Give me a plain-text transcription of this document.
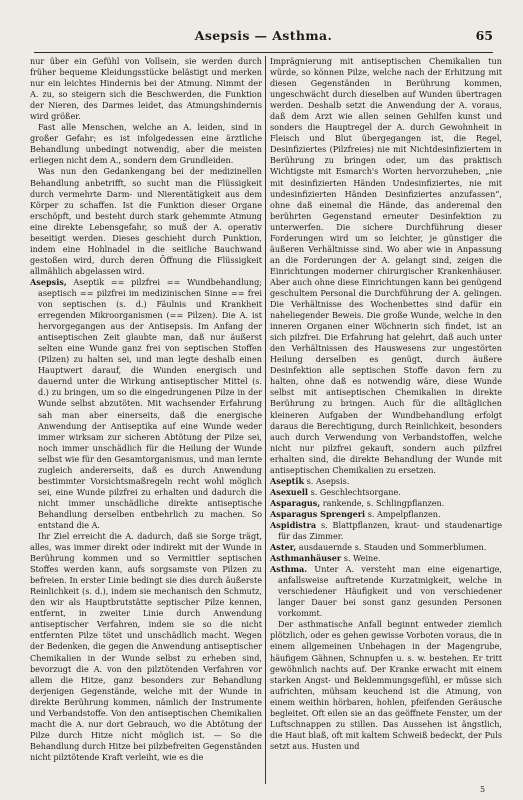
Asepsis — Asthma.	65

nur über ein Gefühl von Vollsein, sie werden durch früher bequeme Kleidungsstücke belästigt und merken nur ein leichtes Hindernis bei der Atmung. Nimmt der A. zu, so steigern sich die Beschwerden, die Funktion der Nieren, des Darmes leidet, das Atmungshindernis wird größer.

Fast alle Menschen, welche an A. leiden, sind in großer Gefahr; es ist infolgedessen eine ärztliche Behandlung unbedingt notwendig, aber die meisten erliegen nicht dem A., sondern dem Grundleiden.

Was nun den Gedankengang bei der medizinellen Behandlung anbetrifft, so sucht man die Flüssigkeit durch vermehrte Darm- und Nierentätigkeit aus dem Körper zu schaffen. Ist die Funktion dieser Organe erschöpft, und besteht durch stark gehemmte Atmung eine direkte Lebensgefahr, so muß der A. operativ beseitigt werden. Dieses geschieht durch Punktion, indem eine Hohlnadel in die seitliche Bauchwand gestoßen wird, durch deren Öffnung die Flüssigkeit allmählich abgelassen wird.

Asepsis, Aseptik == pilzfrei == Wundbehandlung; aseptisch == pilzfrei im medizinischen Sinne == frei von septischen (s. d.) Fäulnis und Krankheit erregenden Mikroorganismen (== Pilzen). Die A. ist hervorgegangen aus der Antisepsis. Im Anfang der antiseptischen Zeit glaubte man, daß nur äußerst selten eine Wunde ganz frei von septischen Stoffen (Pilzen) zu halten sei, und man legte deshalb einen Hauptwert darauf, die Wunden energisch und dauernd unter die Wirkung antiseptischer Mittel (s. d.) zu bringen, um so die eingedrungenen Pilze in der Wunde selbst abzutöten. Mit wachsender Erfahrung sah man aber einerseits, daß die energische Anwendung der Antiseptika auf eine Wunde weder immer wirksam zur sicheren Abtötung der Pilze sei, noch immer unschädlich für die Heilung der Wunde selbst wie für den Gesamtorganismus, und man lernte zugleich andererseits, daß es durch Anwendung bestimmter Vorsichtsmaßregeln recht wohl möglich sei, eine Wunde pilzfrei zu erhalten und dadurch die nicht immer unschädliche direkte antiseptische Behandlung derselben entbehrlich zu machen. So entstand die A.

Ihr Ziel erreicht die A. dadurch, daß sie Sorge trägt, alles, was immer direkt oder indirekt mit der Wunde in Berührung kommen und so Vermittler septischen Stoffes werden kann, aufs sorgsamste von Pilzen zu befreien. In erster Linie bedingt sie dies durch äußerste Reinlichkeit (s. d.), indem sie mechanisch den Schmutz, den wir als Hauptbrutstätte septischer Pilze kennen, entfernt, in zweiter Linie durch Anwendung antiseptischer Verfahren, indem sie so die nicht entfernten Pilze tötet und unschädlich macht. Wegen der Bedenken, die gegen die Anwendung antiseptischer Chemikalien in der Wunde selbst zu erheben sind, bevorzugt die A. von den pilztötenden Verfahren vor allem die Hitze, ganz besonders zur Behandlung derjenigen Gegenstände, welche mit der Wunde in direkte Berührung kommen, nämlich der Instrumente und Verbandstoffe. Von den antiseptischen Chemikalien macht die A. nur dort Gebrauch, wo die Abtötung der Pilze durch Hitze nicht möglich ist. — So die Behandlung durch Hitze bei pilzbefreiten Gegenständen nicht pilztötende Kraft verleiht, wie es die

Imprägnierung mit antiseptischen Chemikalien tun würde, so können Pilze, welche nach der Erhitzung mit diesen Gegenständen in Berührung kommen, ungeschwächt durch dieselben auf Wunden übertragen werden. Deshalb setzt die Anwendung der A. voraus, daß dem Arzt wie allen seinen Gehilfen kunst und sonders die Hauptregel der A. durch Gewohnheit in Fleisch und Blut übergegangen ist, die Regel, Desinfiziertes (Pilzfreies) nie mit Nichtdesinfiziertem in Berührung zu bringen oder, um das praktisch Wichtigste mit Esmarch's Worten hervorzuheben, „nie mit desinfizierten Händen Undesinfiziertes, nie mit undesinfizierten Händen Desinfiziertes anzufassen“, ohne daß einemal die Hände, das anderemal den berührten Gegenstand erneuter Desinfektion zu unterwerfen. Die sichere Durchführung dieser Forderungen wird um so leichter, je günstiger die äußeren Verhältnisse sind. Wo aber wie in Anpassung an die Forderungen der A. gelangt sind, zeigen die Einrichtungen moderner chirurgischer Krankenhäuser. Aber auch ohne diese Einrichtungen kann bei genügend geschultem Personal die Durchführung der A. gelingen. Die Verhältnisse des Wochenbettes sind dafür ein naheliegender Beweis. Die große Wunde, welche in den inneren Organen einer Wöchnerin sich findet, ist an sich pilzfrei. Die Erfahrung hat gelehrt, daß auch unter den Verhältnissen des Hauswesens zur ungestörten Heilung derselben es genügt, durch äußere Desinfektion alle septischen Stoffe davon fern zu halten, ohne daß es notwendig wäre, diese Wunde selbst mit antiseptischen Chemikalien in direkte Berührung zu bringen. Auch für die alltäglichen kleineren Aufgaben der Wundbehandlung erfolgt daraus die Berechtigung, durch Reinlichkeit, besonders auch durch Verwendung von Verbandstoffen, welche nicht nur pilzfrei gekauft, sondern auch pilzfrei erhalten sind, die direkte Behandlung der Wunde mit antiseptischen Chemikalien zu ersetzen.

Aseptik s. Asepsis.

Asexuell s. Geschlechtsorgane.

Asparagus, rankende, s. Schlingpflanzen.

Asparagus Sprengeri s. Ampelpflanzen.

Aspidistra s. Blattpflanzen, kraut- und staudenartige für das Zimmer.

Aster, ausdauernde s. Stauden und Sommerblumen.

Asthmanhäuser s. Weine.

Asthma. Unter A. versteht man eine eigenartige, anfallsweise auftretende Kurzatmigkeit, welche in verschiedener Häufigkeit und von verschiedener langer Dauer bei sonst ganz gesunden Personen vorkommt.

Der asthmatische Anfall beginnt entweder ziemlich plötzlich, oder es gehen gewisse Vorboten voraus, die in einem allgemeinen Unbehagen in der Magengrube, häufigem Gähnen, Schnupfen u. s. w. bestehen. Er tritt gewöhnlich nachts auf. Der Kranke erwacht mit einem starken Angst- und Beklemmungsgefühl, er müsse sich aufrichten, mühsam keuchend ist die Atmung, von einem weithin hörbaren, hohlen, pfeifenden Geräusche begleitet. Oft eilen sie an das geöffnete Fenster, um der Luftschnappen zu stillen. Das Aussehen ist ängstlich, die Haut blaß, oft mit kaltem Schweiß bedeckt, der Puls setzt aus. Husten und

5
